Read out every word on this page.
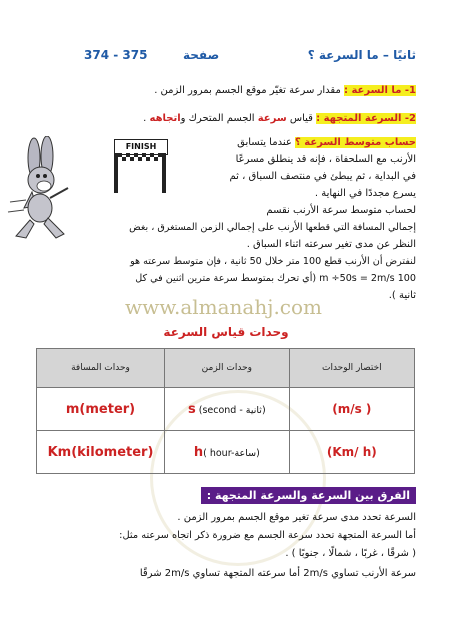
374 - 375	صفحة	ثانيًا – ما السرعة ؟
1- ما السرعة : مقدار سرعة تغيّر موقع الجسم بمرور الزمن .
2- السرعة المتجهة : قياس سرعة الجسم المتحرك واتجاهه .
FINISH	حساب متوسط السرعة ؟ عندما يتسابق
الأرنب مع السلحفاة ، فإنه قد ينطلق مسرعًا
في البداية ، ثم يبطئ في منتصف السباق ، ثم
يسرع مجددًا في النهاية .
لحساب متوسط سرعة الأرنب نقسم
إجمالي المسافة التي قطعها الأرنب على إجمالي الزمن المستغرق ، بغض
النظر عن مدى تغير سرعته اثناء السباق .
لنفترض أن الأرنب قطع 100 متر خلال 50 ثانية ، فإن متوسط سرعته هو
100 m ÷50s = 2m/s (أي تحرك بمتوسط سرعة مترين اثنين في كل
ثانية ).
www.almanahj.com
وحدات قياس السرعة
وحدات المسافة	وحدات الزمن	اختصار الوحدات
m(meter)	s (second - ثانية)	(m/s )
Km(kilometer)	h( hour-ساعة)	(Km/ h)
الفرق بين السرعة والسرعة المتجهة :
السرعة تحدد مدى سرعة تغير موقع الجسم بمرور الزمن .
أما السرعة المتجهة تحدد سرعة الجسم مع ضرورة ذكر اتجاه سرعته مثل:
( شرقًا ، غربًا ، شمالًا ، جنوبًا ) .
سرعة الأرنب تساوي 2m/s أما سرعته المتجهة تساوي 2m/s شرقًا
